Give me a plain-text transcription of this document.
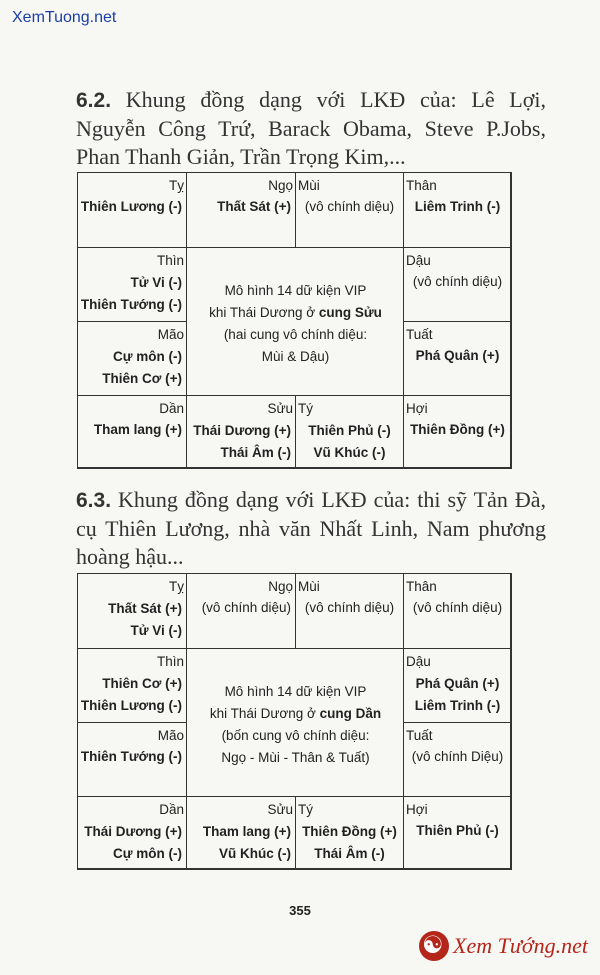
XemTuong.net
6.2. Khung đồng dạng với LKĐ của: Lê Lợi, Nguyễn Công Trứ, Barack Obama, Steve P.Jobs, Phan Thanh Giản, Trần Trọng Kim,...
Tỵ
Thiên Lương (-)
Ngọ
Thất Sát (+)
Mùi
(vô chính diệu)
Thân
Liêm Trinh (-)
Thìn
Tử Vi (-)
Thiên Tướng (-)
Dậu
(vô chính diệu)
Mão
Cự môn (-)
Thiên Cơ (+)
Tuất
Phá Quân (+)
Dần
Tham lang (+)
Sửu
Thái Dương (+)
Thái Âm (-)
Tý
Thiên Phủ (-)
Vũ Khúc (-)
Hợi
Thiên Đồng (+)
Mô hình 14 dữ kiện VIP
khi Thái Dương ở cung Sửu
(hai cung vô chính diệu:
Mùi & Dậu)
6.3. Khung đồng dạng với LKĐ của: thi sỹ Tản Đà, cụ Thiên Lương, nhà văn Nhất Linh, Nam phương hoàng hậu...
Tỵ
Thất Sát (+)
Tử Vi (-)
Ngọ
(vô chính diệu)
Mùi
(vô chính diệu)
Thân
(vô chính diệu)
Thìn
Thiên Cơ (+)
Thiên Lương (-)
Dậu
Phá Quân (+)
Liêm Trinh (-)
Mão
Thiên Tướng (-)
Tuất
(vô chính Diệu)
Dần
Thái Dương (+)
Cự môn (-)
Sửu
Tham lang (+)
Vũ Khúc (-)
Tý
Thiên Đồng (+)
Thái Âm (-)
Hợi
Thiên Phủ (-)
Mô hình 14 dữ kiện VIP
khi Thái Dương ở cung Dần
(bốn cung vô chính diệu:
Ngọ - Mùi - Thân & Tuất)
355
☯
Xem Tướng.net
